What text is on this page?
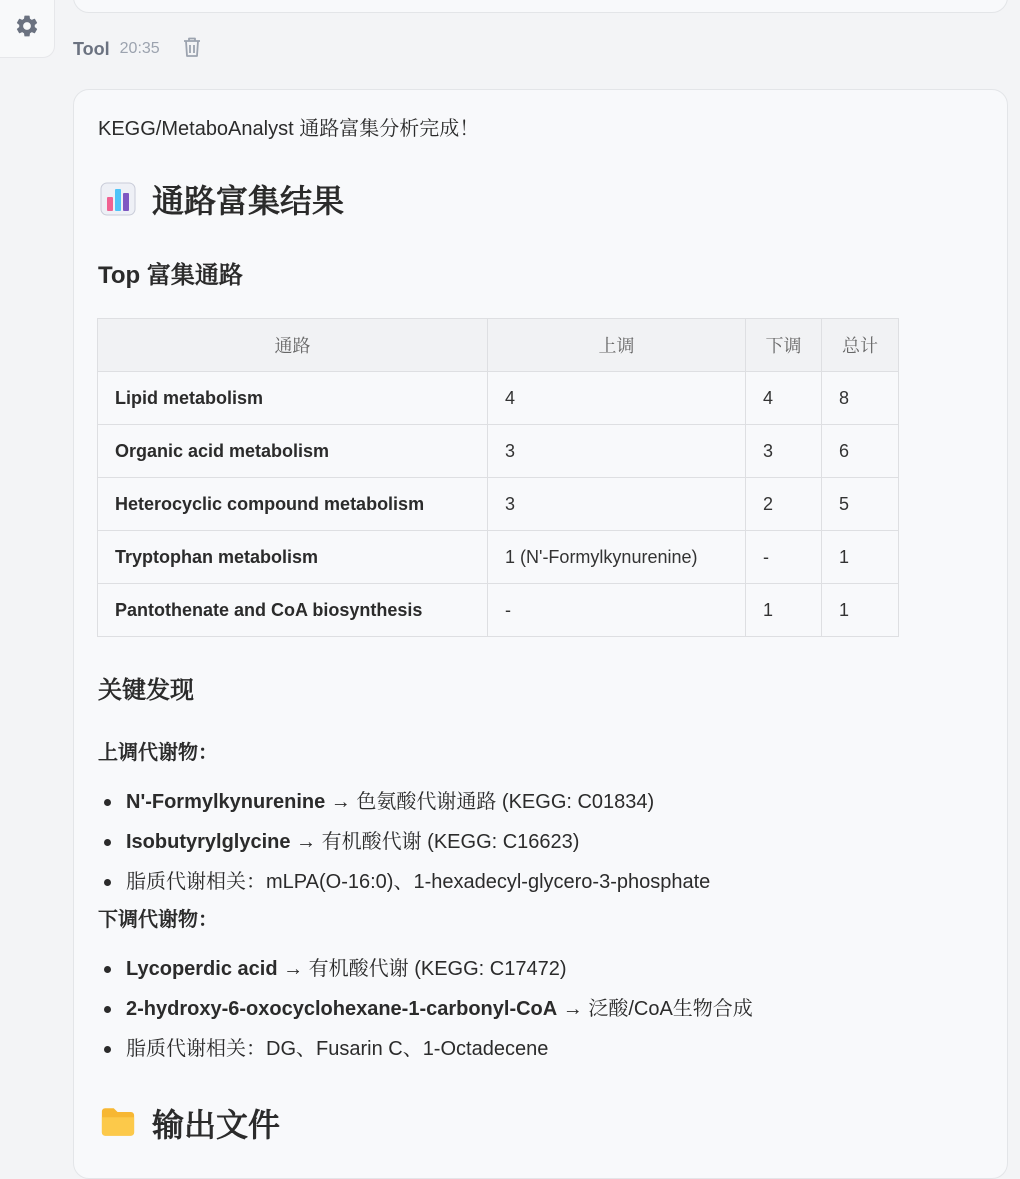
Tool 20:35
KEGG/MetaboAnalyst 通路富集分析完成！
通路富集结果
Top 富集通路
通路	上调	下调	总计
Lipid metabolism	4	4	8
Organic acid metabolism	3	3	6
Heterocyclic compound metabolism	3	2	5
Tryptophan metabolism	1 (N'-Formylkynurenine)	-	1
Pantothenate and CoA biosynthesis	-	1	1
关键发现
上调代谢物：
N'-Formylkynurenine → 色氨酸代谢通路 (KEGG: C01834)
Isobutyrylglycine → 有机酸代谢 (KEGG: C16623)
脂质代谢相关：mLPA(O-16:0)、1-hexadecyl-glycero-3-phosphate
下调代谢物：
Lycoperdic acid → 有机酸代谢 (KEGG: C17472)
2-hydroxy-6-oxocyclohexane-1-carbonyl-CoA → 泛酸/CoA生物合成
脂质代谢相关：DG、Fusarin C、1-Octadecene
输出文件
